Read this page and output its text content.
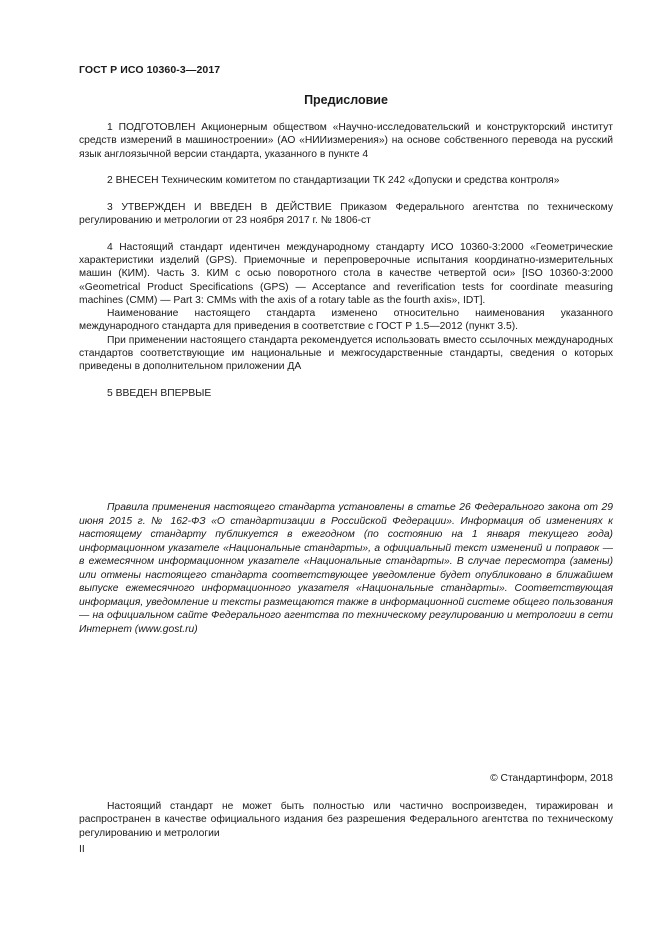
ГОСТ Р ИСО 10360-3—2017
Предисловие

1 ПОДГОТОВЛЕН Акционерным обществом «Научно-исследовательский и конструкторский институт средств измерений в машиностроении» (АО «НИИизмерения») на основе собственного перевода на русский язык англоязычной версии стандарта, указанного в пункте 4

2 ВНЕСЕН Техническим комитетом по стандартизации ТК 242 «Допуски и средства контроля»

3 УТВЕРЖДЕН И ВВЕДЕН В ДЕЙСТВИЕ Приказом Федерального агентства по техническому регулированию и метрологии от 23 ноября 2017 г. № 1806-ст

4 Настоящий стандарт идентичен международному стандарту ИСО 10360-3:2000 «Геометрические характеристики изделий (GPS). Приемочные и перепроверочные испытания координатно-измерительных машин (КИМ). Часть 3. КИМ с осью поворотного стола в качестве четвертой оси» [ISO 10360-3:2000 «Geometrical Product Specifications (GPS) — Acceptance and reverification tests for coordinate measuring machines (CMM) — Part 3: CMMs with the axis of a rotary table as the fourth axis», IDT].

Наименование настоящего стандарта изменено относительно наименования указанного международного стандарта для приведения в соответствие с ГОСТ Р 1.5—2012 (пункт 3.5).

При применении настоящего стандарта рекомендуется использовать вместо ссылочных международных стандартов соответствующие им национальные и межгосударственные стандарты, сведения о которых приведены в дополнительном приложении ДА

5 ВВЕДЕН ВПЕРВЫЕ

Правила применения настоящего стандарта установлены в статье 26 Федерального закона от 29 июня 2015 г. № 162-ФЗ «О стандартизации в Российской Федерации». Информация об изменениях к настоящему стандарту публикуется в ежегодном (по состоянию на 1 января текущего года) информационном указателе «Национальные стандарты», а официальный текст изменений и поправок — в ежемесячном информационном указателе «Национальные стандарты». В случае пересмотра (замены) или отмены настоящего стандарта соответствующее уведомление будет опубликовано в ближайшем выпуске ежемесячного информационного указателя «Национальные стандарты». Соответствующая информация, уведомление и тексты размещаются также в информационной системе общего пользования — на официальном сайте Федерального агентства по техническому регулированию и метрологии в сети Интернет (www.gost.ru)

© Стандартинформ, 2018

Настоящий стандарт не может быть полностью или частично воспроизведен, тиражирован и распространен в качестве официального издания без разрешения Федерального агентства по техническому регулированию и метрологии

II
